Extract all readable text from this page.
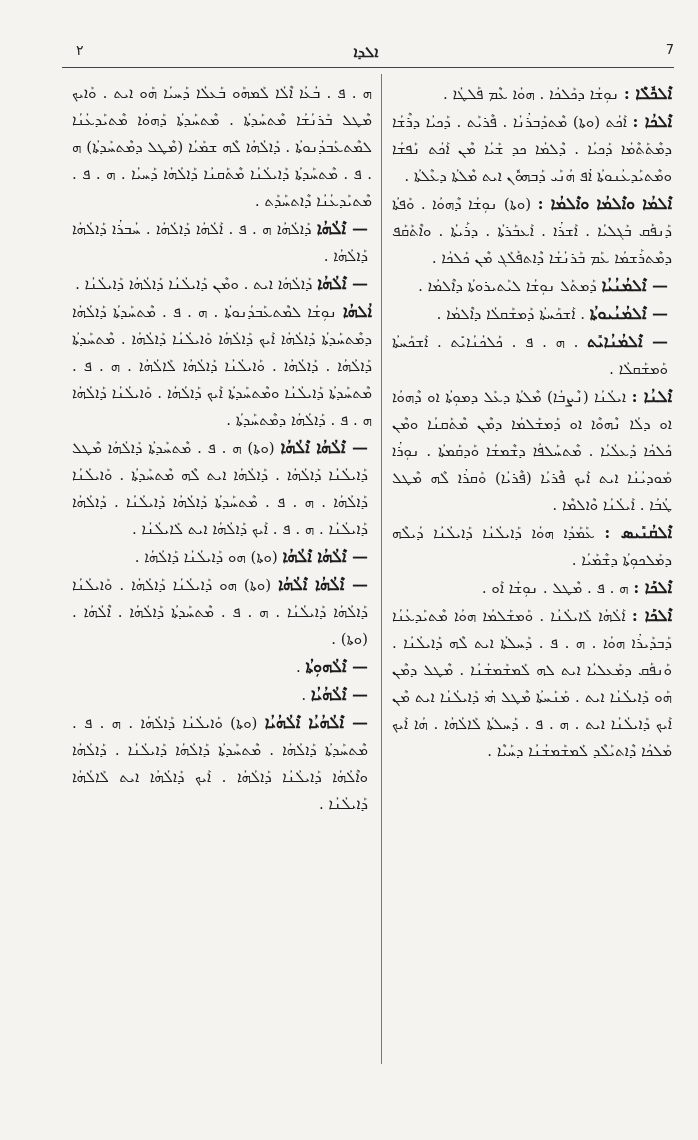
٢	ܐܠܕܐ	7

ܐܶܠܟܽܠܶܐ : ܢܘܼܫܳܐ ܕܟܰܠܟܳܐ . ܗܘܳܐ ܥܶܡ ܦܰܠܛܳܐ .

ܐܶܠܟܳܐ : ܐܰܟܳܬ (ܘܬܐ) ܡܶܬܕܰܒܪܳܢܳܐ . ܦܶܪܝܰܬ . ܕܰܟܝܳܐ ܕܪܶܫܳܐ ܕܡܶܬܰܬܶܡܳܐ ܕܰܟܝܳܐ . ܕܶܠܡܳܐ ܟܕ ܫܰܝܳܐ ܡܶܢ ܐܰܟܳܬ ܢܰܦܫܳܐ ܘܡܶܬܝܰܕܥܳܢܘܬܳܐ ܐܳܦ ܗܳܢܰܝ ܕܰܒܗܘܽܢ ܐܝܬ ܡܶܠܬܳܐ ܕܥܶܠܬܳܐ .

ܐܶܠܡܳܐ ܘܐܶܠܡܳܐ ܘܐܶܠܡܳܐ : (ܘܬܐ) ܢܘܼܫܳܐ ܕܶܗܘܳܐ . ܘܰܦܬܳܐ ܕܰܢܦܰܩ ܒܰܓܠܝܳܐ . ܐܰܫܪܳܐ . ܐܰܥܒܰܪܬܳܐ . ܕܪܰܝܬܳܐ . ܘܐܶܬܰܩܰܦ ܕܡܶܬܪܰܫܡܳܐ ܥܰܡ ܒܰܪܢܳܫܳܐ ܕܶܐܬܦܰܠܰܓ ܡܶܢ ܟܰܠܟܳܐ .

— ܐܶܠܡܳܢܳܝܳܐ ܕܰܡܬܰܠ ܢܘܼܫܳܐ ܠܝܰܬܝܪܘܬܳܐ ܕܐܶܠܡܳܐ .

— ܐܶܠܡܳܢܳܝܘܬܳܐ . ܐܰܫܟܰܚܬܳܐ ܕܰܡܫܰܩܠܳܐ ܕܐܶܠܡܳܐ .

— ܐܶܠܡܳܢܳܐܝܺܬ . ܗ . ܦ . ܟܰܠܟܳܢܳܐܝܺܬ . ܐܰܫܟܰܚܬܳܐ ܘܰܡܫܰܩܠܳܐ .

ܐܶܠܢܳܐ : ܐܝܠܳܢܳܐ (ܢܶܨܒܳܐ) ܡܶܠܬܳܐ ܕܥܰܠ ܕܡܘܼܬܳܐ ܐܘ ܕܶܗܘܳܐ ܐܘ ܕܠܳܐ ܢܶܗܘܶܐ ܐܘ ܕܰܡܫܰܠܡܳܐ ܕܡܶܢ ܡܶܬܰܩܢܳܐ ܘܡܶܢ ܟܰܠܟܳܐ ܕܰܥܠܳܝܳܐ . ܡܶܬܚܰܠܦܳܐ ܕܫܶܡܫܳܐ ܘܰܕܩܰܡܬܳܐ . ܢܘܼܪܳܐ ܡܰܘܕܝܳܢܳܐ ܐܝܬ ܐܰܝܟ ܦܶܪܝܳܐ (ܦܶܪܝܳܐ) ܘܰܩܪܳܐ ܠܶܗ ܡܶܛܠ ܛܳܒܳܐ . ܐܰܝܠܳܢܳܐ ܘܶܐܠܡܶܐ .

ܐܶܠܩܳܢܺܝܣ : ܥܰܡܰܕܳܐ ܗܘܳܐ ܕܰܐܝܠܳܢܳܐ ܕܰܐܝܠܳܢܳܐ ܕܳܝܠܶܗ ܕܡܰܠܟܘܼܬܳܐ ܕܫܶܡܰܝܳܐ .

ܐܶܠܟܰܐ : ܗ . ܦ . ܡܶܛܠ . ܢܘܼܫܳܐ ܐܰܘ .

ܐܶܠܟܰܐ : ܐܰܠܳܗܳܐ ܠܰܐܝܠܳܢܳܐ . ܘܰܡܫܰܠܡܳܐ ܗܘܳܐ ܡܶܬܝܰܕܥܳܢܳܐ ܕܰܒܕܰܝܪܳܐ ܗܘܳܐ . ܗ . ܦ . ܕܰܚܠܬܳܐ ܐܝܬ ܠܶܗ ܕܰܐܝܠܳܢܳܐ . ܘܰܢܦܰܩ ܕܡܰܥܠܝܳܐ ܐܝܬ ܠܗ ܠܰܡܫܰܡܫܳܢܳܐ . ܡܶܛܠ ܕܡܶܢ ܗܰܘ ܕܰܐܝܠܳܢܳܐ ܐܝܬ . ܡܰܢܰܚܬܳܐ ܡܶܛܠ ܗܳܝ ܕܰܐܝܠܳܢܳܐ ܐܝܬ ܡܶܢ ܐܰܝܟ ܕܰܐܝܠܳܢܳܐ ܐܝܬ . ܗ . ܦ . ܕܰܚܠܬܳܐ ܠܰܐܠܳܗܳܐ . ܗܳܐ ܐܰܝܟ ܡܰܠܟܳܐ ܕܶܐܬܝܰܠܶܕ ܠܰܡܫܰܡܫܳܢܳܐ ܕܚܰܝܶܐ .

ܗ . ܦ . ܒܳܥܳܐ ܐܶܠܳܐ ܠܰܡܗܰܘ ܒܰܥܠܳܐ ܕܰܚܝܳܐ ܗܰܘ ܐܝܬ . ܘܰܐܝܟ ܡܶܛܠ ܒܰܪܢܳܫܳܐ ܡܶܬܚܰܕܬܳܐ . ܡܶܬܚܰܕܬܳܐ ܕܰܗܘܳܐ ܡܶܬܝܰܕܥܳܢܳܐ ܠܡܶܬܥܰܒܕܳܢܘܬܳܐ . ܕܰܐܠܳܗܳܐ ܠܶܗ ܫܡܰܝܳܐ (ܡܶܛܠ ܕܡܶܬܚܰܕܬܳܐ) ܗ . ܦ . ܡܶܬܚܰܕܬܳܐ ܕܰܐܝܠܳܢܳܐ ܡܶܬܰܩܢܳܐ ܕܰܐܠܳܗܳܐ ܕܰܚܝܳܐ . ܗ . ܦ . ܡܶܬܝܰܕܥܳܢܳܐ ܕܶܐܬܚܰܕܰܬ .

— ܐܶܠܳܗܳܐ ܕܰܐܠܳܗܳܐ ܗ . ܦ . ܐܰܠܳܗܳܐ ܕܰܐܠܳܗܳܐ . ܚܳܒܪܳܐ ܕܰܐܠܳܗܳܐ ܕܰܐܠܳܗܳܐ .

— ܐܶܠܳܗܳܐ ܕܰܐܠܳܗܳܐ ܐܝܬ . ܘܡܶܢ ܕܰܐܝܠܳܢܳܐ ܕܰܐܠܳܗܳܐ ܕܰܐܝܠܳܢܳܐ .

ܐܳܠܗܳܐ ܢܘܼܫܳܐ ܠܡܶܬܥܰܒܕܳܢܘܬܳܐ . ܗ . ܦ . ܡܶܬܚܰܕܬܳܐ ܕܰܐܠܳܗܳܐ ܕܡܶܬܚܰܕܬܳܐ ܕܰܐܠܳܗܳܐ ܐܰܝܟ ܕܰܐܠܳܗܳܐ ܘܰܐܝܠܳܢܳܐ ܕܰܐܠܳܗܳܐ . ܡܶܬܚܰܕܬܳܐ ܕܰܐܠܳܗܳܐ . ܕܰܐܠܳܗܳܐ . ܘܰܐܝܠܳܢܳܐ ܕܰܐܠܳܗܳܐ ܠܰܐܠܳܗܳܐ . ܗ . ܦ . ܡܶܬܚܰܕܬܳܐ ܕܰܐܝܠܳܢܳܐ ܘܡܶܬܚܰܕܬܳܐ ܐܰܝܟ ܕܰܐܠܳܗܳܐ . ܘܰܐܝܠܳܢܳܐ ܕܰܐܠܳܗܳܐ ܗ . ܦ . ܕܰܐܠܳܗܳܐ ܕܡܶܬܚܰܕܬܳܐ .

— ܐܶܠܳܗܳܐ ܐܶܠܳܗܳܐ (ܘܬܐ) ܗ . ܦ . ܡܶܬܚܰܕܬܳܐ ܕܰܐܠܳܗܳܐ ܡܶܛܠ ܕܰܐܝܠܳܢܳܐ ܕܰܐܠܳܗܳܐ . ܕܰܐܠܳܗܳܐ ܐܝܬ ܠܶܗ ܡܶܬܚܰܕܬܳܐ . ܘܰܐܝܠܳܢܳܐ ܕܰܐܠܳܗܳܐ . ܗ . ܦ . ܡܶܬܚܰܕܬܳܐ ܕܰܐܠܳܗܳܐ ܕܰܐܝܠܳܢܳܐ . ܕܰܐܠܳܗܳܐ ܕܰܐܝܠܳܢܳܐ . ܗ . ܦ . ܐܰܝܟ ܕܰܐܠܳܗܳܐ ܐܝܬ ܠܰܐܝܠܳܢܳܐ .

— ܐܶܠܳܗܳܐ ܐܶܠܳܗܳܐ (ܘܬܐ) ܗܘ ܕܰܐܝܠܳܢܳܐ ܕܰܐܠܳܗܳܐ .

— ܐܶܠܳܗܳܐ ܐܶܠܳܗܳܐ (ܘܬܐ) ܗܘ ܕܰܐܝܠܳܢܳܐ ܕܰܐܠܳܗܳܐ . ܘܰܐܝܠܳܢܳܐ ܕܰܐܠܳܗܳܐ ܕܰܐܝܠܳܢܳܐ . ܗ . ܦ . ܡܶܬܚܰܕܬܳܐ ܕܰܐܠܳܗܳܐ . ܐܶܠܳܗܳܐ . (ܘܬܐ) .

— ܐܶܠܳܗܘܼܬܳܐ .

— ܐܶܠܳܗܳܝܳܐ .

— ܐܶܠܳܗܳܝܳܐ ܐܶܠܳܗܳܝܳܐ (ܘܬܐ) ܘܰܐܝܠܳܢܳܐ ܕܰܐܠܳܗܳܐ . ܗ . ܦ . ܡܶܬܚܰܕܬܳܐ ܕܰܐܠܳܗܳܐ . ܡܶܬܚܰܕܬܳܐ ܕܰܐܠܳܗܳܐ ܕܰܐܝܠܳܢܳܐ . ܕܰܐܠܳܗܳܐ ܘܐܶܠܳܗܳܐ ܕܰܐܝܠܳܢܳܐ ܕܰܐܠܳܗܳܐ . ܐܰܝܟ ܕܰܐܠܳܗܳܐ ܐܝܬ ܠܰܐܠܳܗܳܐ ܕܰܐܝܠܳܢܳܐ .
